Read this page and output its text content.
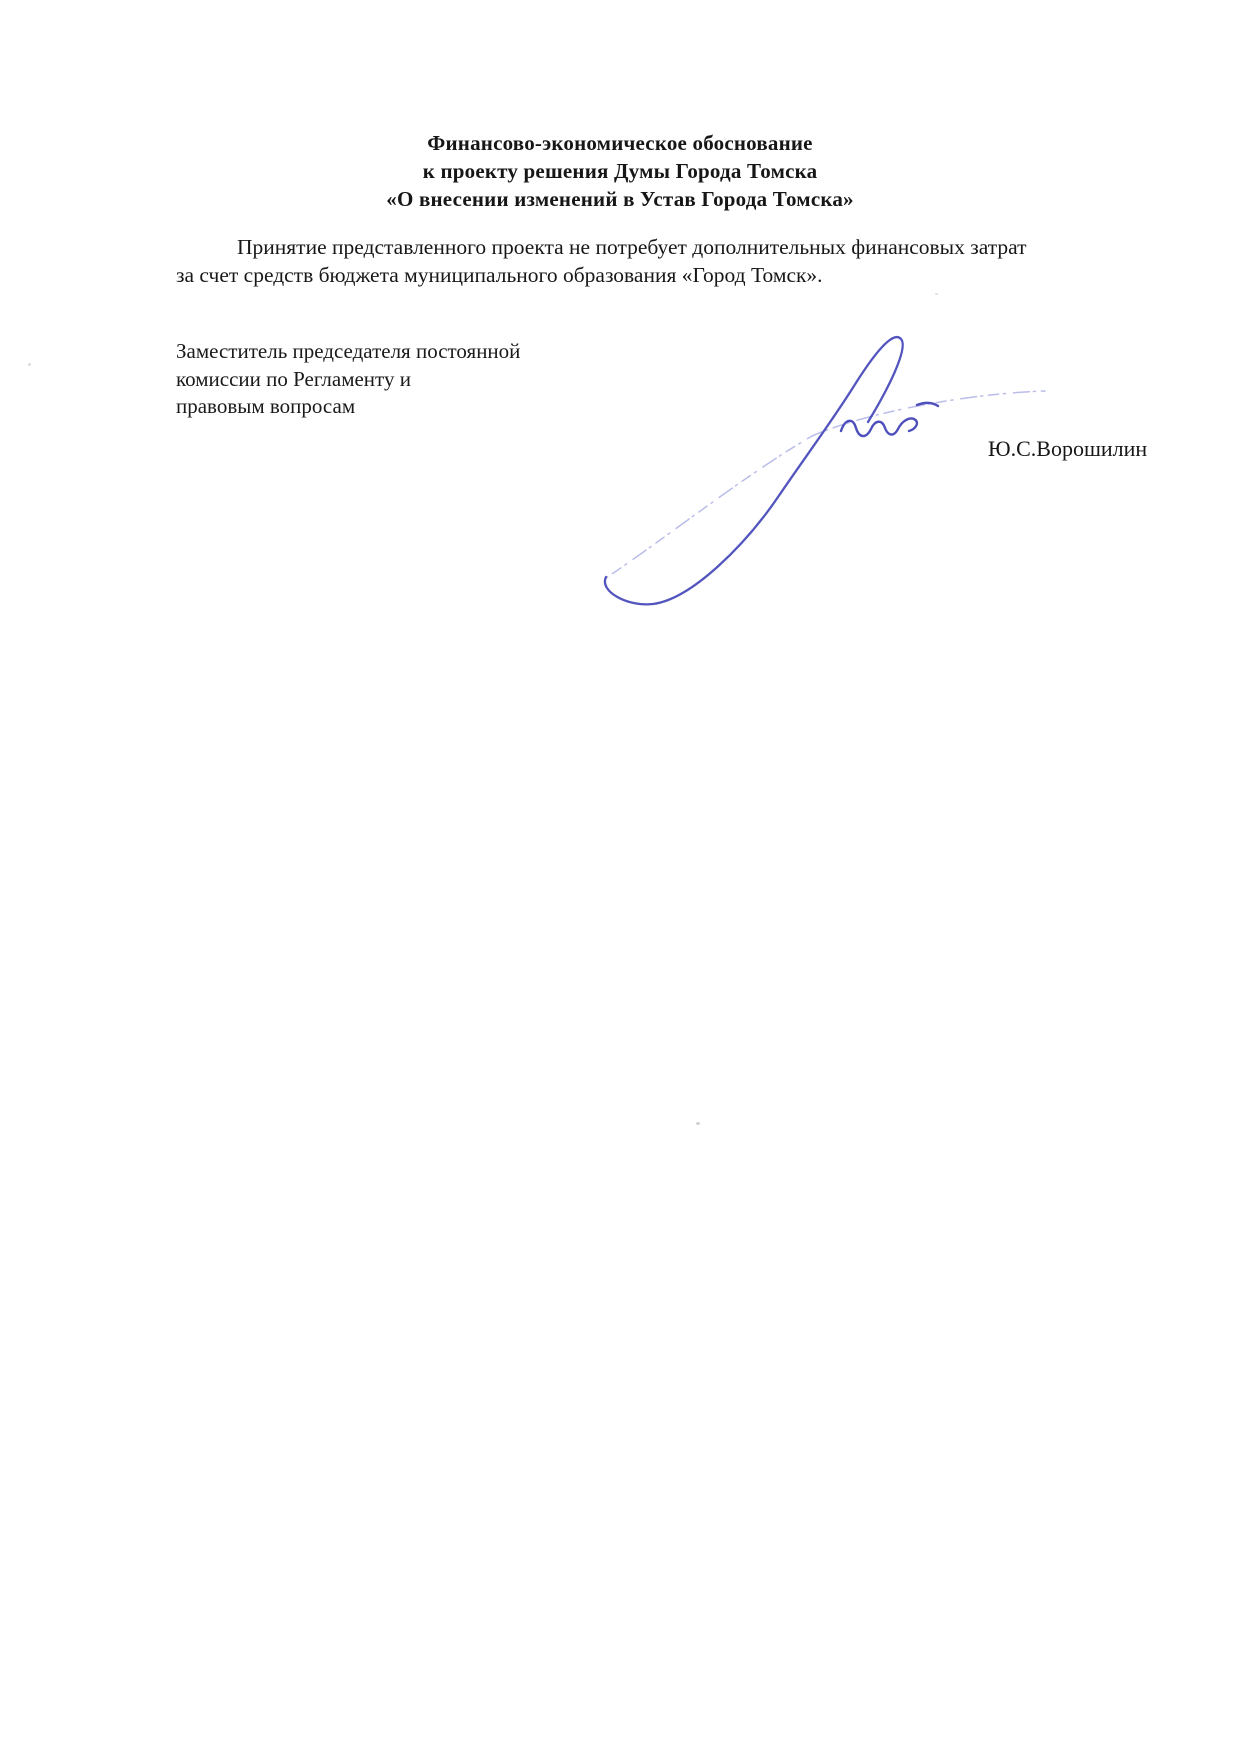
Финансово-экономическое обоснование
к проекту решения Думы Города Томска
«О внесении изменений в Устав Города Томска»
Принятие представленного проекта не потребует дополнительных финансовых затрат
за счет средств бюджета муниципального образования «Город Томск».
Заместитель председателя постоянной
комиссии по Регламенту и
правовым вопросам
Ю.С.Ворошилин
